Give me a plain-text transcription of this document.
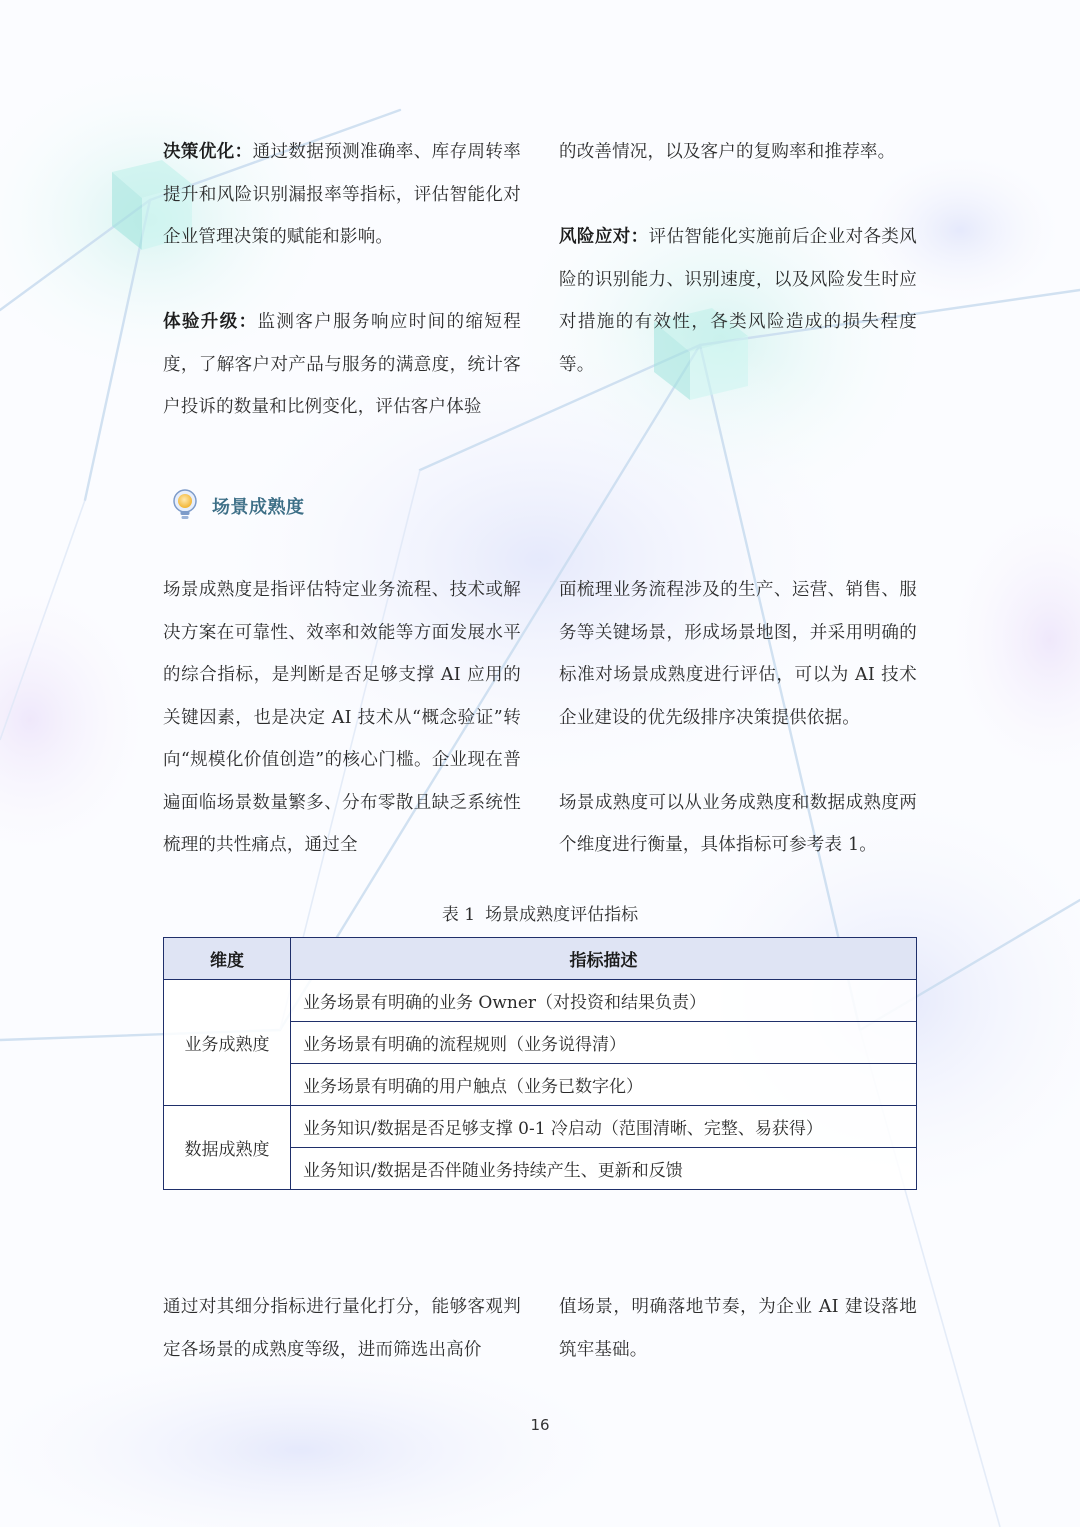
决策优化：通过数据预测准确率、库存周转率提升和风险识别漏报率等指标，评估智能化对企业管理决策的赋能和影响。

体验升级：监测客户服务响应时间的缩短程度，了解客户对产品与服务的满意度，统计客户投诉的数量和比例变化，评估客户体验

的改善情况，以及客户的复购率和推荐率。

风险应对：评估智能化实施前后企业对各类风险的识别能力、识别速度，以及风险发生时应对措施的有效性，各类风险造成的损失程度等。

场景成熟度

场景成熟度是指评估特定业务流程、技术或解决方案在可靠性、效率和效能等方面发展水平的综合指标，是判断是否足够支撑 AI 应用的关键因素，也是决定 AI 技术从“概念验证”转向“规模化价值创造”的核心门槛。企业现在普遍面临场景数量繁多、分布零散且缺乏系统性梳理的共性痛点，通过全

面梳理业务流程涉及的生产、运营、销售、服务等关键场景，形成场景地图，并采用明确的标准对场景成熟度进行评估，可以为 AI 技术企业建设的优先级排序决策提供依据。

场景成熟度可以从业务成熟度和数据成熟度两个维度进行衡量，具体指标可参考表 1。

表 1 场景成熟度评估指标
维度	指标描述
业务成熟度	业务场景有明确的业务 Owner（对投资和结果负责）
	业务场景有明确的流程规则（业务说得清）
	业务场景有明确的用户触点（业务已数字化）
数据成熟度	业务知识/数据是否足够支撑 0-1 冷启动（范围清晰、完整、易获得）
	业务知识/数据是否伴随业务持续产生、更新和反馈

通过对其细分指标进行量化打分，能够客观判定各场景的成熟度等级，进而筛选出高价

值场景，明确落地节奏，为企业 AI 建设落地筑牢基础。

16
